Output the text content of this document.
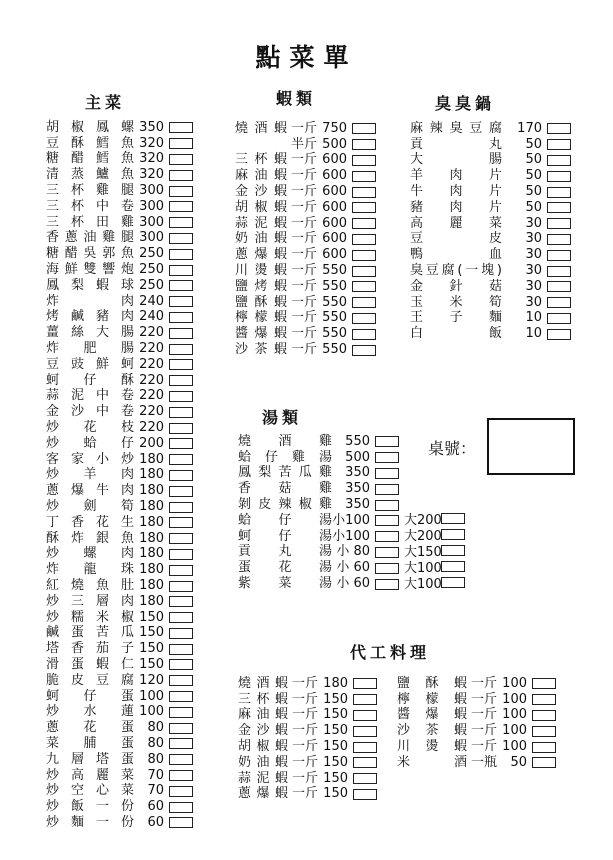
點菜單
主菜
胡椒鳳螺 350
豆酥鱈魚 320
糖醋鱈魚 320
清蒸鱸魚 320
三杯雞腿 300
三杯中卷 300
三杯田雞 300
香蔥油雞腿 300
糖醋吳郭魚 250
海鮮雙響炮 250
鳳梨蝦球 250
炸肉 240
烤鹹豬肉 240
薑絲大腸 220
炸肥腸 220
豆豉鮮蚵 220
蚵仔酥 220
蒜泥中卷 220
金沙中卷 220
炒花枝 220
炒蛤仔 200
客家小炒 180
炒羊肉 180
蔥爆牛肉 180
炒劍筍 180
丁香花生 180
酥炸銀魚 180
炒螺肉 180
炸龍珠 180
紅燒魚肚 180
炒三層肉 180
炒糯米椒 150
鹹蛋苦瓜 150
塔香茄子 150
滑蛋蝦仁 150
脆皮豆腐 120
蚵仔蛋 100
炒水蓮 100
蔥花蛋	80
菜脯蛋	80
九層塔蛋	80
炒高麗菜	70
炒空心菜	70
炒飯一份	60
炒麵一份	60
蝦類
燒酒蝦 一斤 750
半斤 500
三杯蝦 一斤 600
麻油蝦 一斤 600
金沙蝦 一斤 600
胡椒蝦 一斤 600
蒜泥蝦 一斤 600
奶油蝦 一斤 600
蔥爆蝦 一斤 600
川燙蝦 一斤 550
鹽烤蝦 一斤 550
鹽酥蝦 一斤 550
檸檬蝦 一斤 550
醬爆蝦 一斤 550
沙茶蝦 一斤 550
臭臭鍋
麻辣臭豆腐	170
貢丸	50
大腸	50
羊肉片	50
牛肉片	50
豬肉片	50
高麗菜	30
豆皮	30
鴨血	30
臭豆腐(一塊)	30
金針菇	30
玉米筍	30
王子麵	10
白飯	10
湯類
燒酒雞	550
蛤仔雞湯	500
鳳梨苦瓜雞	350
香菇雞	350
剝皮辣椒雞	350
蛤仔湯 小100	大200
蚵仔湯 小100	大200
貢丸湯 小 80	大150
蛋花湯 小 60	大100
紫菜湯 小 60	大100
桌號：
代工料理
燒酒蝦 一斤 180
三杯蝦 一斤 150
麻油蝦 一斤 150
金沙蝦 一斤 150
胡椒蝦 一斤 150
奶油蝦 一斤 150
蒜泥蝦 一斤 150
蔥爆蝦 一斤 150
鹽酥蝦 一斤 100
檸檬蝦 一斤 100
醬爆蝦 一斤 100
沙茶蝦 一斤 100
川燙蝦 一斤 100
米酒 一瓶	50
